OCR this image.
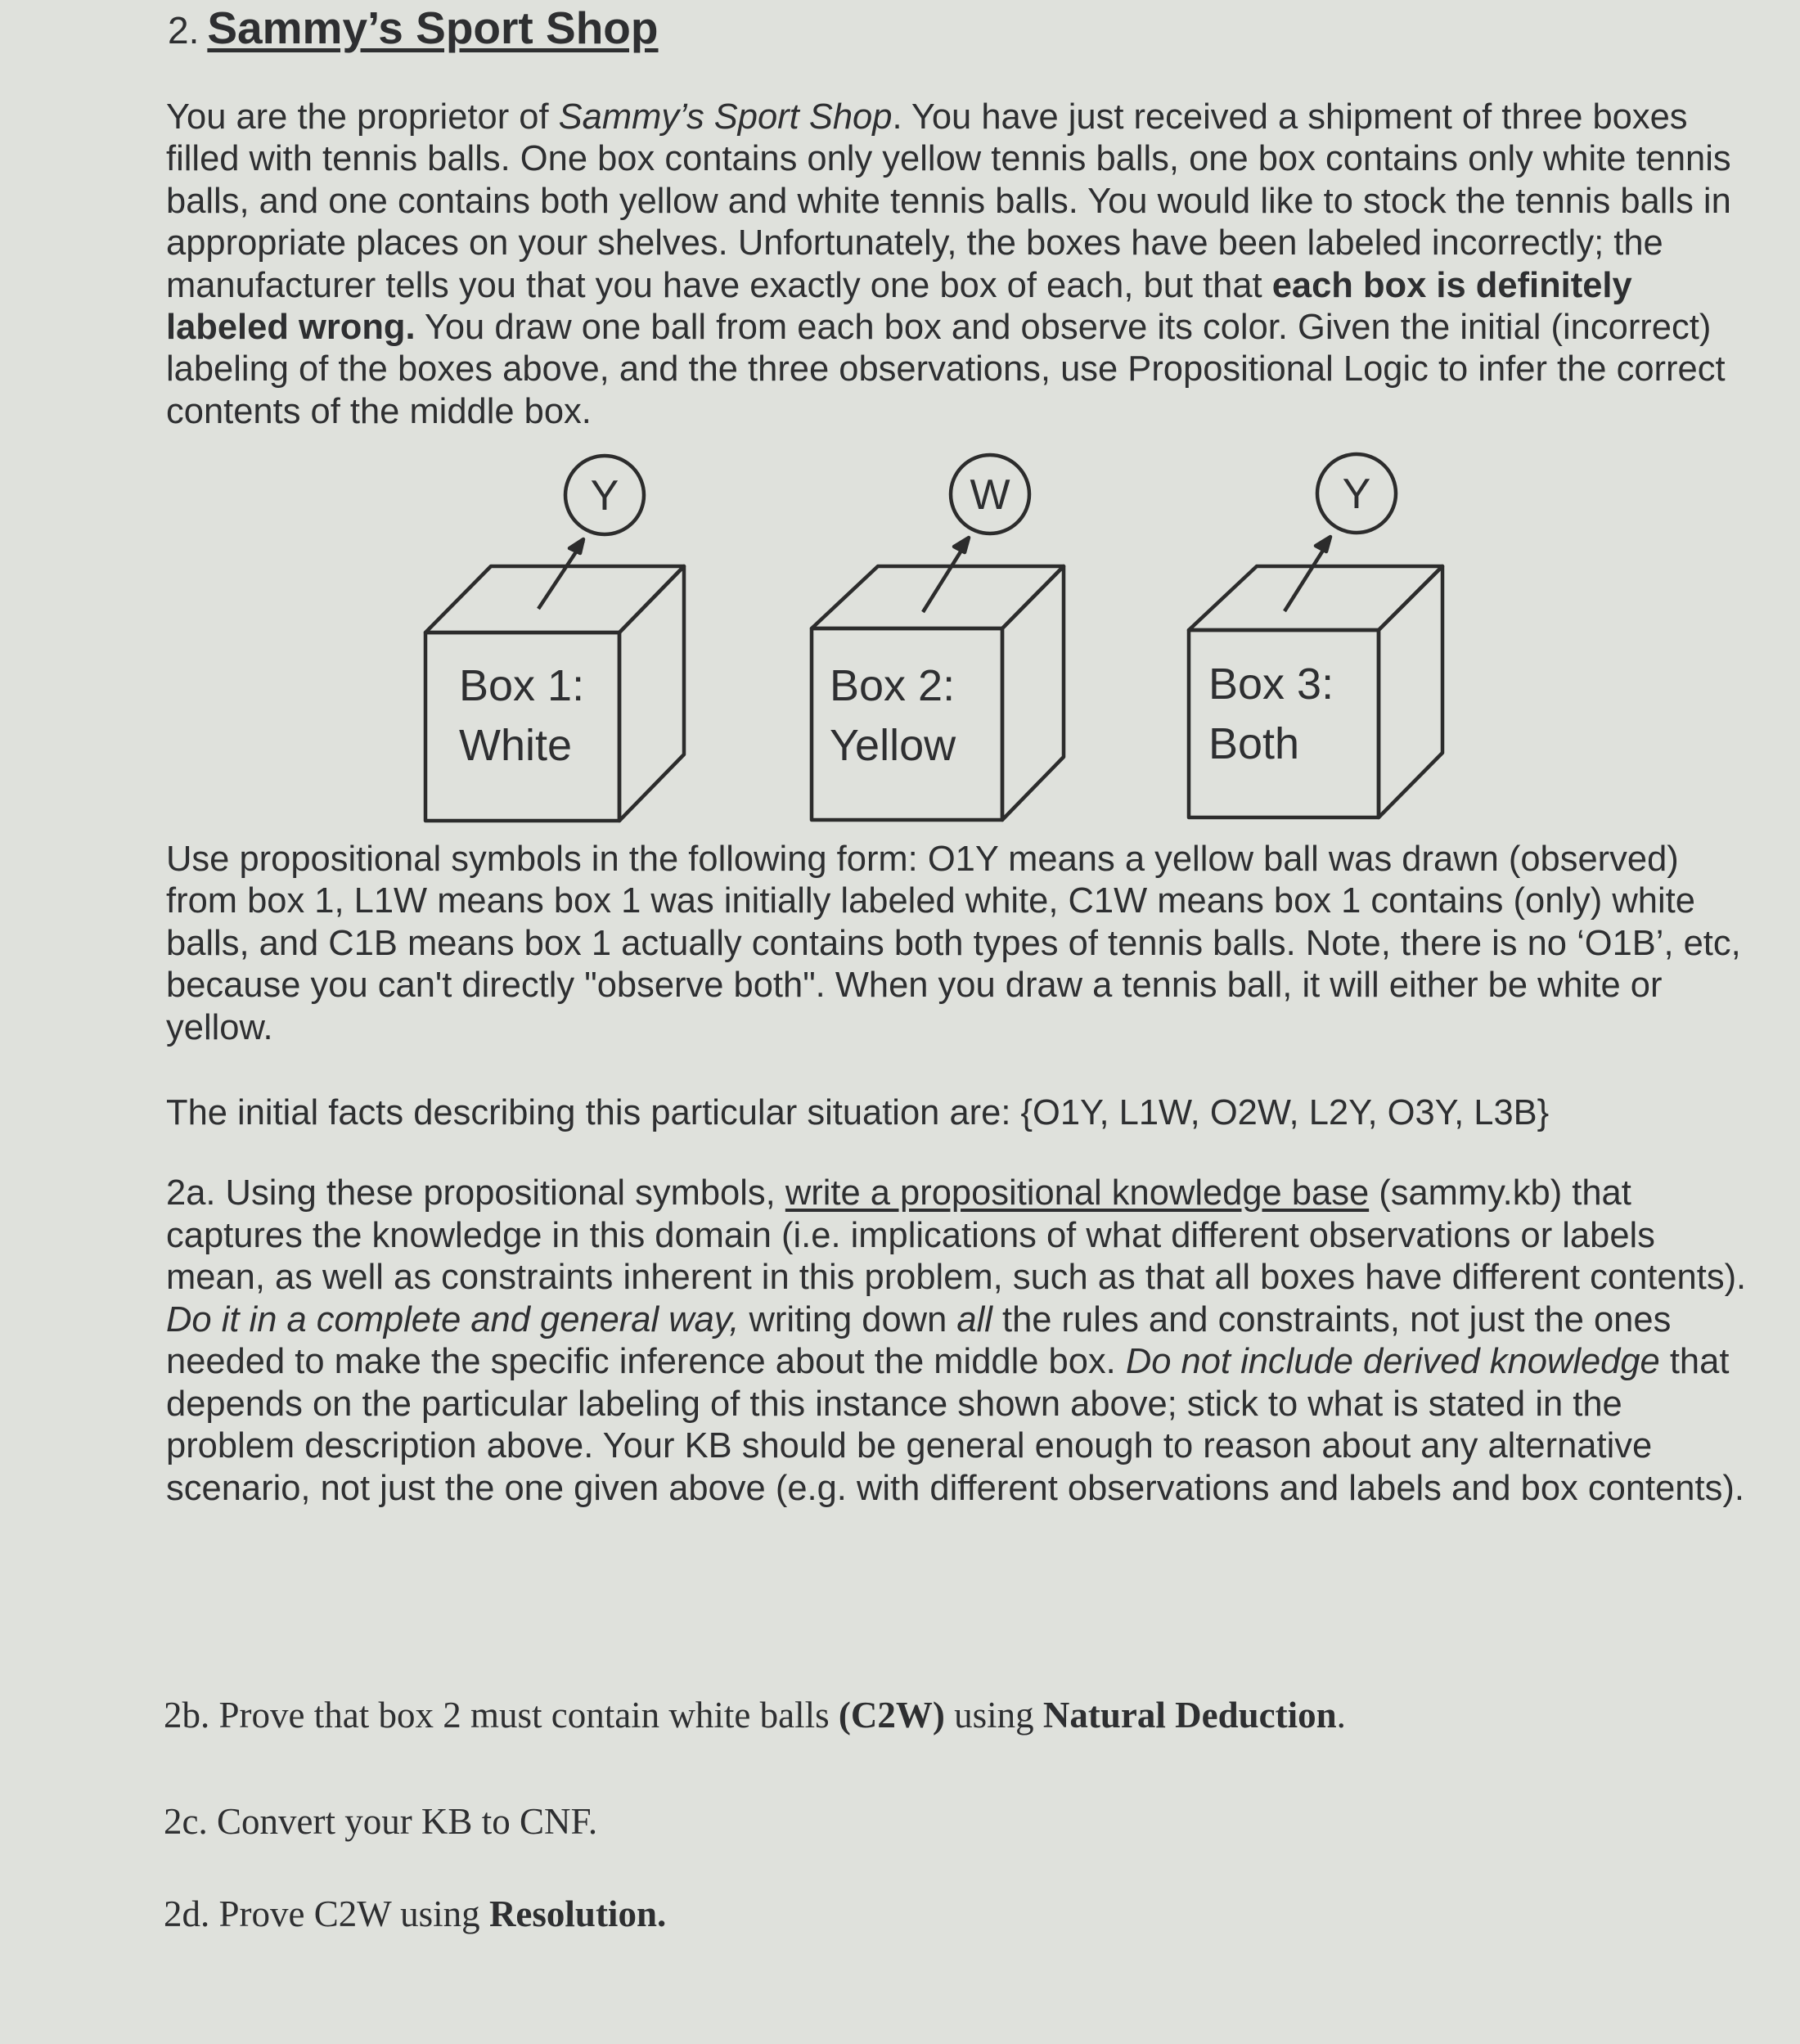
2. Sammy’s Sport Shop

You are the proprietor of Sammy’s Sport Shop. You have just received a shipment of three boxes filled with tennis balls. One box contains only yellow tennis balls, one box contains only white tennis balls, and one contains both yellow and white tennis balls. You would like to stock the tennis balls in appropriate places on your shelves. Unfortunately, the boxes have been labeled incorrectly; the manufacturer tells you that you have exactly one box of each, but that each box is definitely labeled wrong. You draw one ball from each box and observe its color. Given the initial (incorrect) labeling of the boxes above, and the three observations, use Propositional Logic to infer the correct contents of the middle box.

Y	W	Y
Box 1:
White
Box 2:
Yellow
Box 3:
Both

Use propositional symbols in the following form: O1Y means a yellow ball was drawn (observed) from box 1, L1W means box 1 was initially labeled white, C1W means box 1 contains (only) white balls, and C1B means box 1 actually contains both types of tennis balls. Note, there is no ‘O1B’, etc, because you can't directly "observe both". When you draw a tennis ball, it will either be white or yellow.

The initial facts describing this particular situation are: {O1Y, L1W, O2W, L2Y, O3Y, L3B}

2a. Using these propositional symbols, write a propositional knowledge base (sammy.kb) that captures the knowledge in this domain (i.e. implications of what different observations or labels mean, as well as constraints inherent in this problem, such as that all boxes have different contents). Do it in a complete and general way, writing down all the rules and constraints, not just the ones needed to make the specific inference about the middle box. Do not include derived knowledge that depends on the particular labeling of this instance shown above; stick to what is stated in the problem description above. Your KB should be general enough to reason about any alternative scenario, not just the one given above (e.g. with different observations and labels and box contents).

2b. Prove that box 2 must contain white balls (C2W) using Natural Deduction.

2c. Convert your KB to CNF.

2d. Prove C2W using Resolution.
